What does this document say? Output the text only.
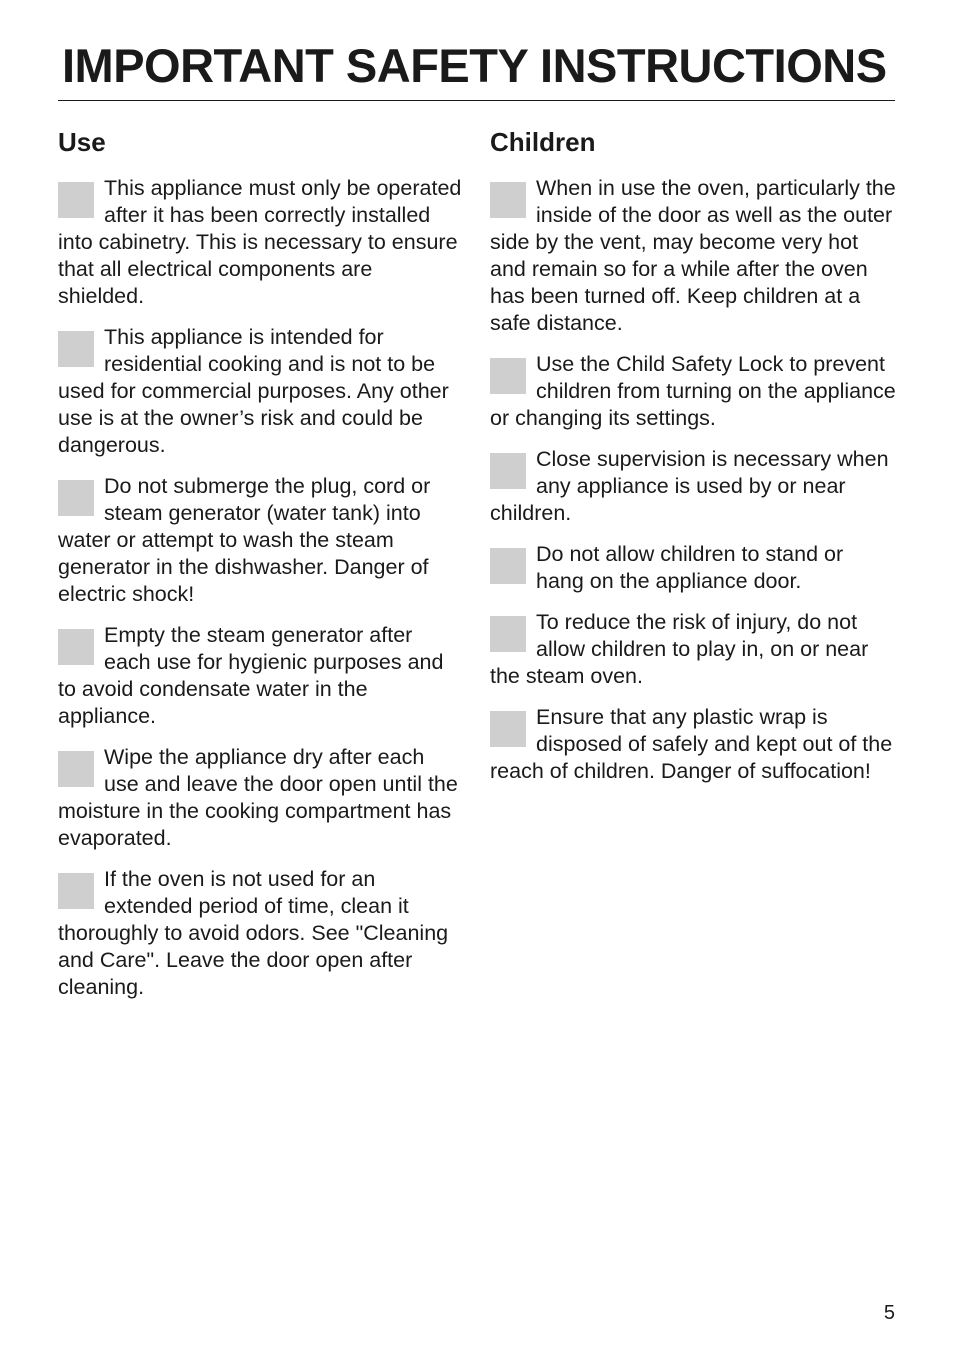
IMPORTANT SAFETY INSTRUCTIONS
Use
This appliance must only be operated after it has been correctly installed into cabinetry. This is necessary to ensure that all electrical components are shielded.
This appliance is intended for residential cooking and is not to be used for commercial purposes. Any other use is at the owner’s risk and could be dangerous.
Do not submerge the plug, cord or steam generator (water tank) into water or attempt to wash the steam generator in the dishwasher. Danger of electric shock!
Empty the steam generator after each use for hygienic purposes and to avoid condensate water in the appliance.
Wipe the appliance dry after each use and leave the door open until the moisture in the cooking compartment has evaporated.
If the oven is not used for an extended period of time, clean it thoroughly to avoid odors. See "Cleaning and Care". Leave the door open after cleaning.
Children
When in use the oven, particularly the inside of the door as well as the outer side by the vent, may become very hot and remain so for a while after the oven has been turned off. Keep children at a safe distance.
Use the Child Safety Lock to prevent children from turning on the appliance or changing its settings.
Close supervision is necessary when any appliance is used by or near children.
Do not allow children to stand or hang on the appliance door.
To reduce the risk of injury, do not allow children to play in, on or near the steam oven.
Ensure that any plastic wrap is disposed of safely and kept out of the reach of children. Danger of suffocation!
5
